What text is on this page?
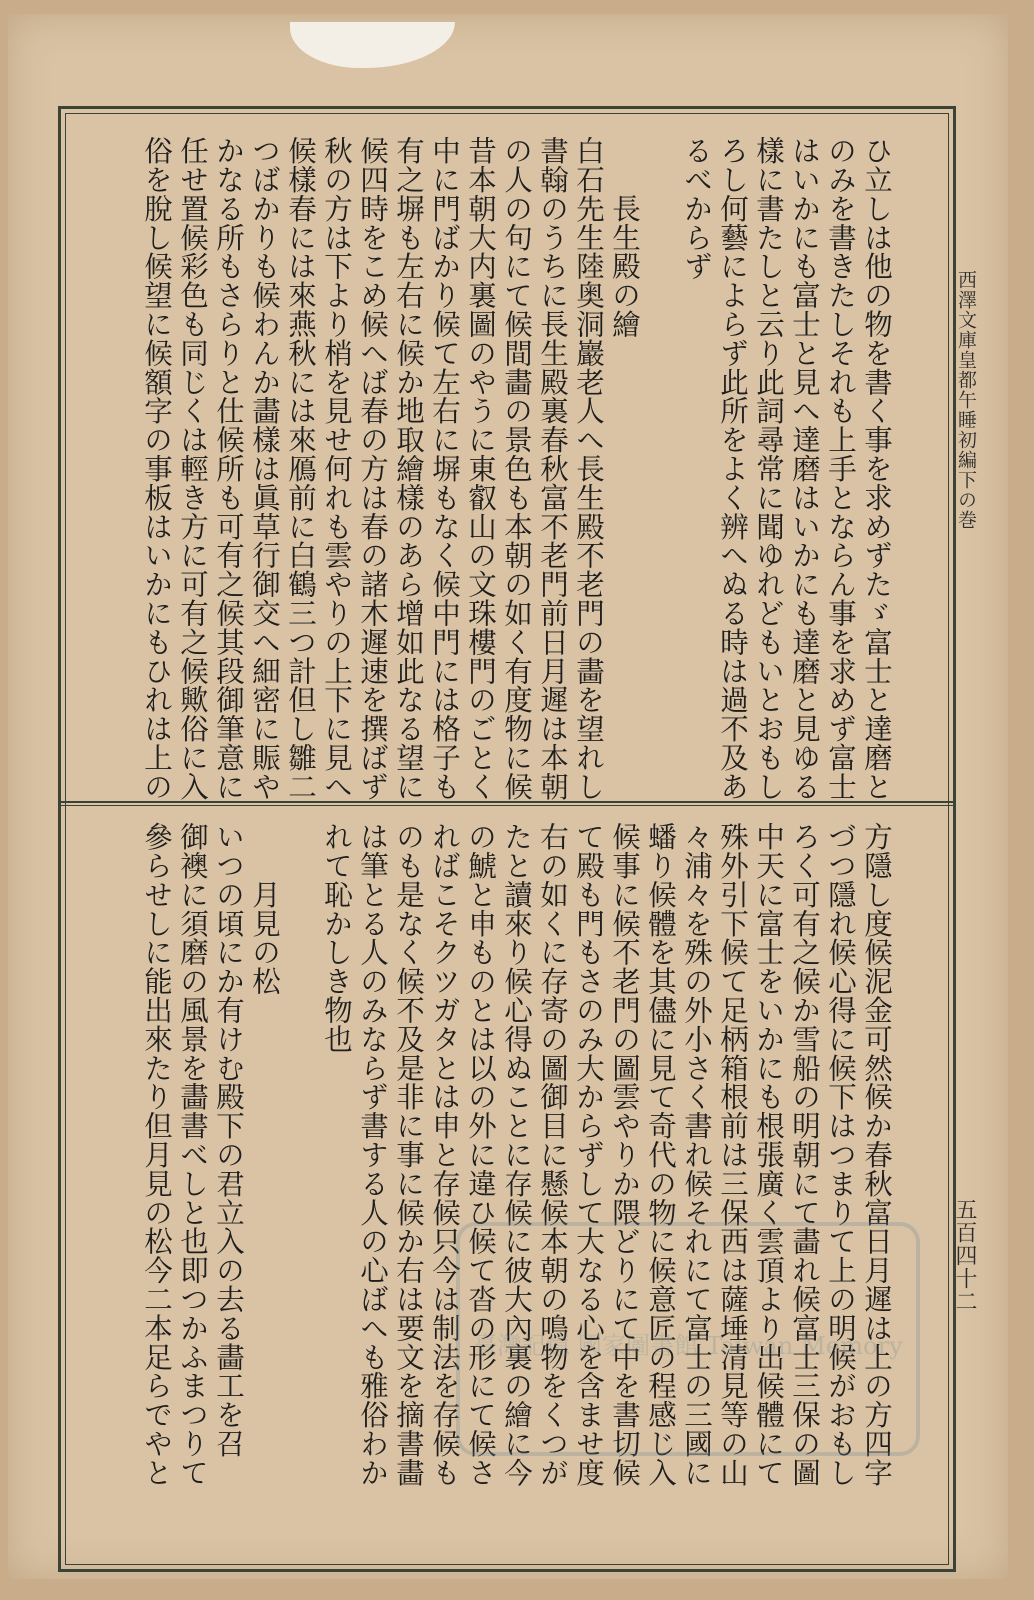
西澤文庫皇都午睡初編下の巻
五百四十二
ひ立しは他の物を書く事を求めずたゞ富士と達磨と
のみを書きたしそれも上手とならん事を求めず富士
はいかにも富士と見へ達磨はいかにも達磨と見ゆる
樣に書たしと云り此詞尋常に聞ゆれどもいとおもし
ろし何藝によらず此所をよく辨へぬる時は過不及あ
るべからず

　　長生殿の繪
白石先生陸奥洞巖老人へ長生殿不老門の畵を望れし
書翰のうちに長生殿裏春秋富不老門前日月遲は本朝
の人の句にて候間畵の景色も本朝の如く有度物に候
昔本朝大内裏圖のやうに東叡山の文珠樓門のごとく
中に門ばかり候て左右に塀もなく候中門には格子も
有之塀も左右に候か地取繪樣のあら增如此なる望に
候四時をこめ候へば春の方は春の諸木遲速を撰ばず
秋の方は下より梢を見せ何れも雲やりの上下に見へ
候樣春には來燕秋には來鴈前に白鶴三つ計但し雛二
つばかりも候わんか畵樣は眞草行御交へ細密に賑や
かなる所もさらりと仕候所も可有之候其段御筆意に
任せ置候彩色も同じくは輕き方に可有之候歟俗に入
俗を脫し候望に候額字の事板はいかにもひれは上の
方隱し度候泥金可然候か春秋富日月遲は上の方四字
づつ隱れ候心得に候下はつまりて上の明候がおもし
ろく可有之候か雪船の明朝にて畵れ候富士三保の圖
中天に富士をいかにも根張廣く雲頂より出候體にて
殊外引下候て足柄箱根前は三保西は薩埵清見等の山
々浦々を殊の外小さく書れ候それにて富士の三國に
蟠り候體を其儘に見て奇代の物に候意匠の程感じ入
候事に候不老門の圖雲やりか隈どりにて中を書切候
て殿も門もさのみ大からずして大なる心を含ませ度
右の如くに存寄の圖御目に懸候本朝の鳴物をくつが
たと讀來り候心得ぬことに存候に彼大內裏の繪に今
の鯱と申ものとは以の外に違ひ候て沓の形にて候さ
ればこそクツガタとは申と存候只今は制法を存候も
のも是なく候不及是非に事に候か右は要文を摘書畵
は筆とる人のみならず書する人の心ばへも雅俗わか
れて恥かしき物也

　　月見の松
いつの頃にか有けむ殿下の君立入の去る畵工を召
御襖に須磨の風景を畵書べしと也即つかふまつりて
參らせしに能出來たり但月見の松今二本足らでやと	臺灣記憶 國家圖書館 Taiwan Memory
